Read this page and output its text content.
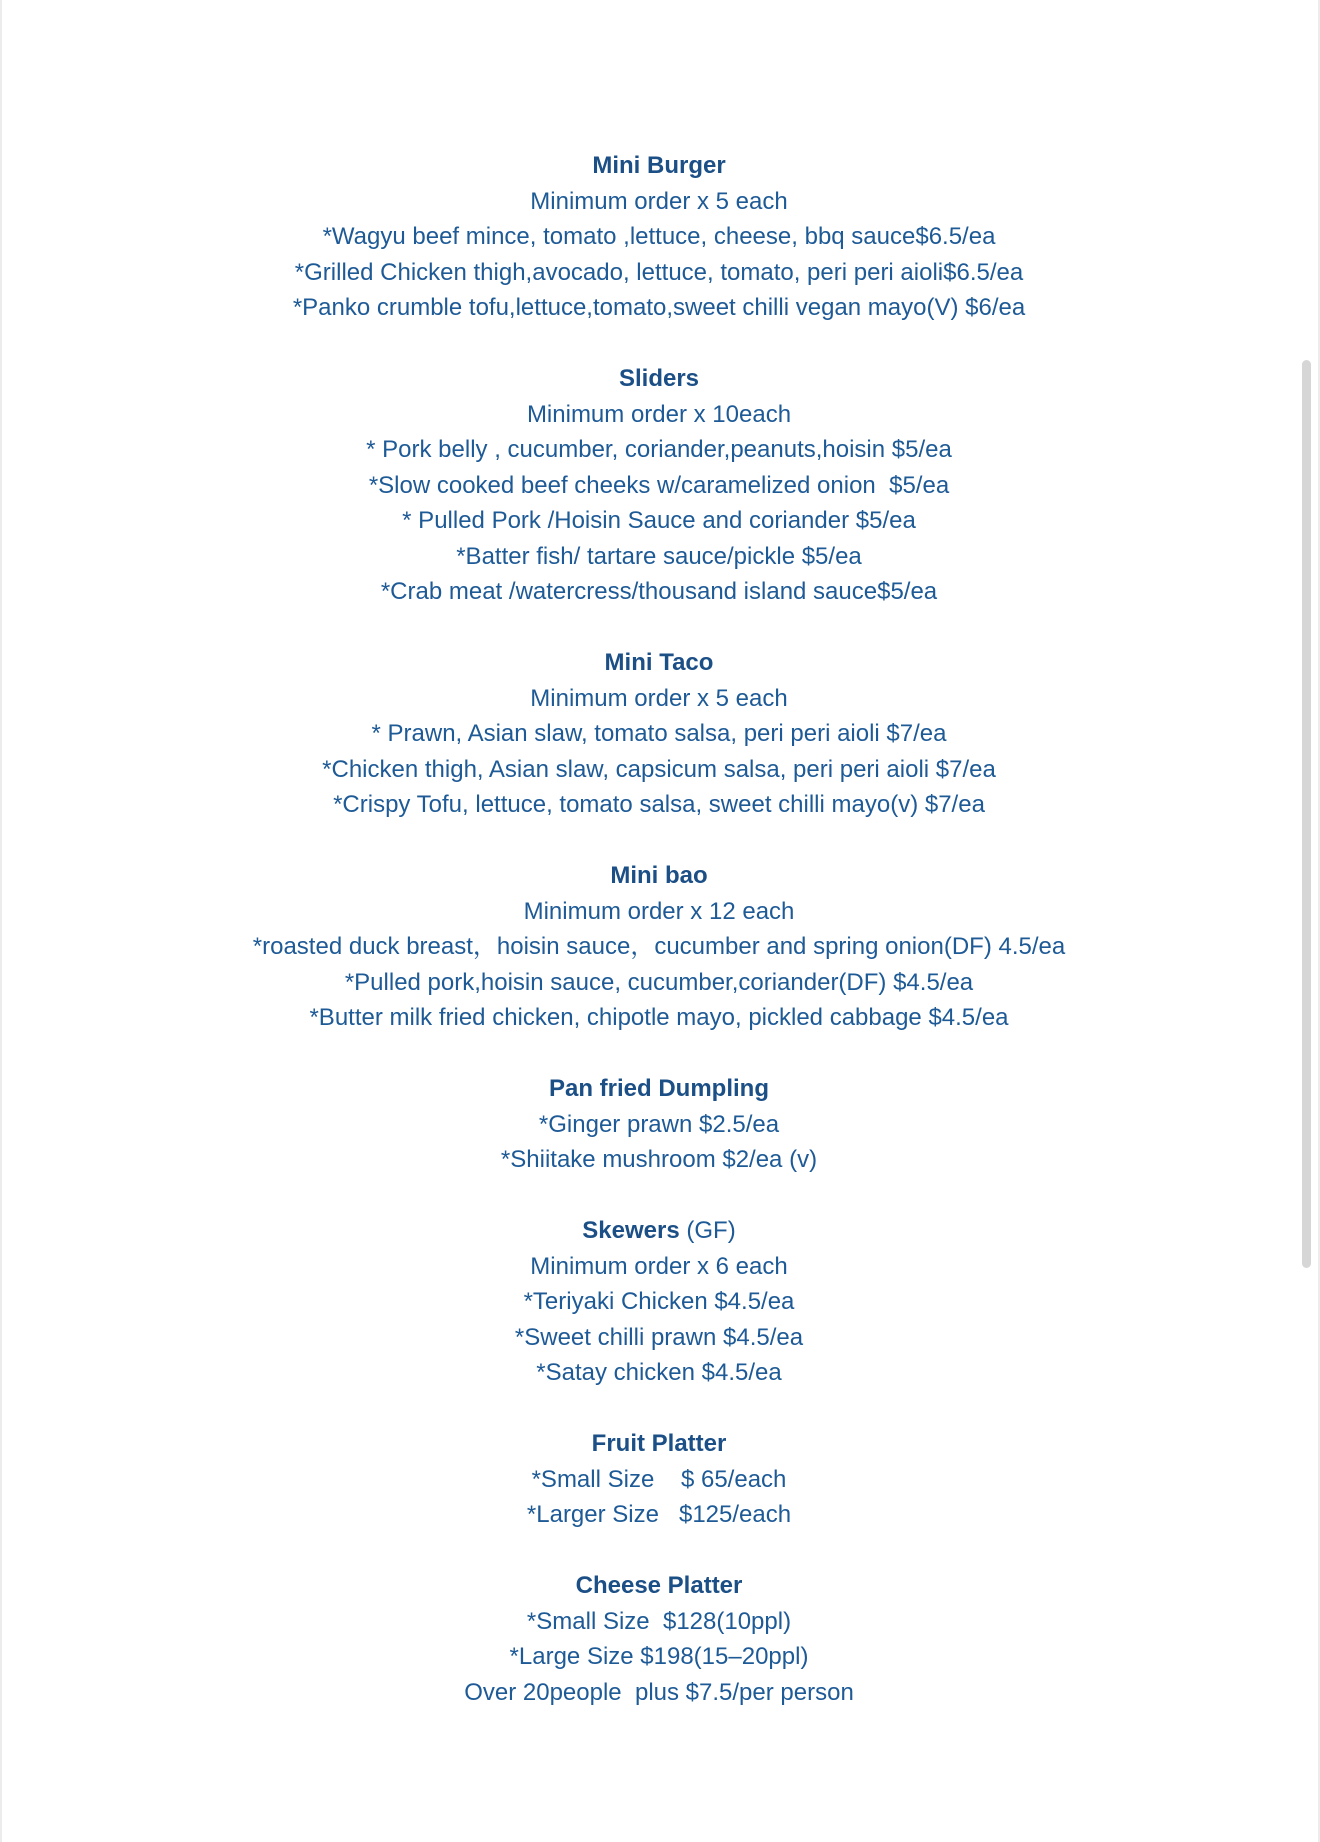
Mini Burger
Minimum order x 5 each
*Wagyu beef mince, tomato ,lettuce, cheese, bbq sauce$6.5/ea
*Grilled Chicken thigh,avocado, lettuce, tomato, peri peri aioli$6.5/ea
*Panko crumble tofu,lettuce,tomato,sweet chilli vegan mayo(V) $6/ea
Sliders
Minimum order x 10each
* Pork belly , cucumber, coriander,peanuts,hoisin $5/ea
*Slow cooked beef cheeks w/caramelized onion  $5/ea
* Pulled Pork /Hoisin Sauce and coriander $5/ea
*Batter fish/ tartare sauce/pickle $5/ea
*Crab meat /watercress/thousand island sauce$5/ea
Mini Taco
Minimum order x 5 each
* Prawn, Asian slaw, tomato salsa, peri peri aioli $7/ea
*Chicken thigh, Asian slaw, capsicum salsa, peri peri aioli $7/ea
*Crispy Tofu, lettuce, tomato salsa, sweet chilli mayo(v) $7/ea
Mini bao
Minimum order x 12 each
*roasted duck breast，hoisin sauce，cucumber and spring onion(DF) 4.5/ea
*Pulled pork,hoisin sauce, cucumber,coriander(DF) $4.5/ea
*Butter milk fried chicken, chipotle mayo, pickled cabbage $4.5/ea
Pan fried Dumpling
*Ginger prawn $2.5/ea
*Shiitake mushroom $2/ea (v)
Skewers (GF)
Minimum order x 6 each
*Teriyaki Chicken $4.5/ea
*Sweet chilli prawn $4.5/ea
*Satay chicken $4.5/ea
Fruit Platter
*Small Size    $ 65/each
*Larger Size   $125/each
Cheese Platter
*Small Size  $128(10ppl)
*Large Size $198(15–20ppl)
Over 20people  plus $7.5/per person
